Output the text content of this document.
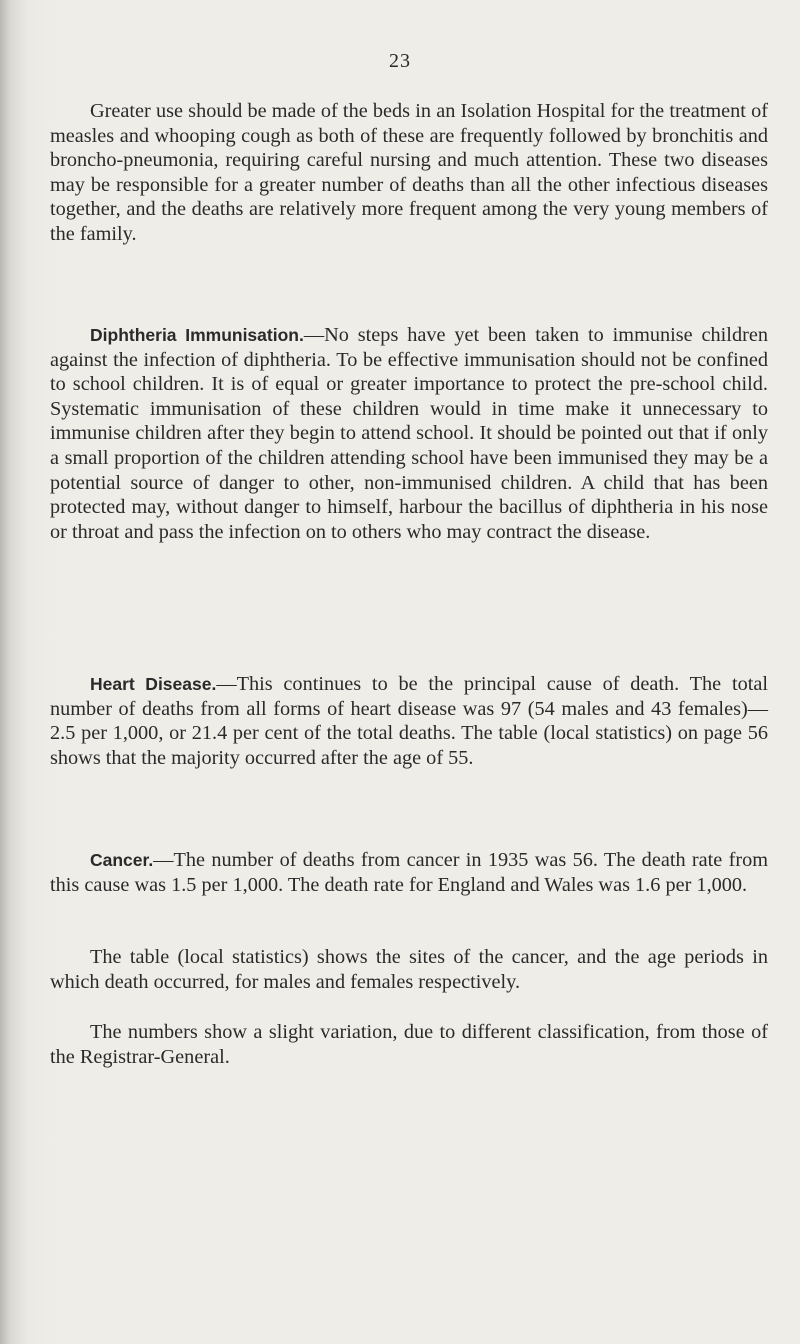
23

Greater use should be made of the beds in an Isolation Hospital for the treatment of measles and whooping cough as both of these are frequently followed by bronchitis and broncho-pneumonia, requiring careful nursing and much attention. These two diseases may be responsible for a greater number of deaths than all the other infectious diseases together, and the deaths are relatively more frequent among the very young members of the family.

Diphtheria Immunisation.—No steps have yet been taken to immunise children against the infection of diphtheria. To be effective immunisation should not be confined to school children. It is of equal or greater importance to protect the pre-school child. Systematic immunisation of these children would in time make it unnecessary to immunise children after they begin to attend school. It should be pointed out that if only a small proportion of the children attending school have been immunised they may be a potential source of danger to other, non-immunised children. A child that has been protected may, without danger to himself, harbour the bacillus of diphtheria in his nose or throat and pass the infection on to others who may contract the disease.

Heart Disease.—This continues to be the principal cause of death. The total number of deaths from all forms of heart disease was 97 (54 males and 43 females)—2.5 per 1,000, or 21.4 per cent of the total deaths. The table (local statistics) on page 56 shows that the majority occurred after the age of 55.

Cancer.—The number of deaths from cancer in 1935 was 56. The death rate from this cause was 1.5 per 1,000. The death rate for England and Wales was 1.6 per 1,000.

The table (local statistics) shows the sites of the cancer, and the age periods in which death occurred, for males and females respectively.

The numbers show a slight variation, due to different classification, from those of the Registrar-General.
